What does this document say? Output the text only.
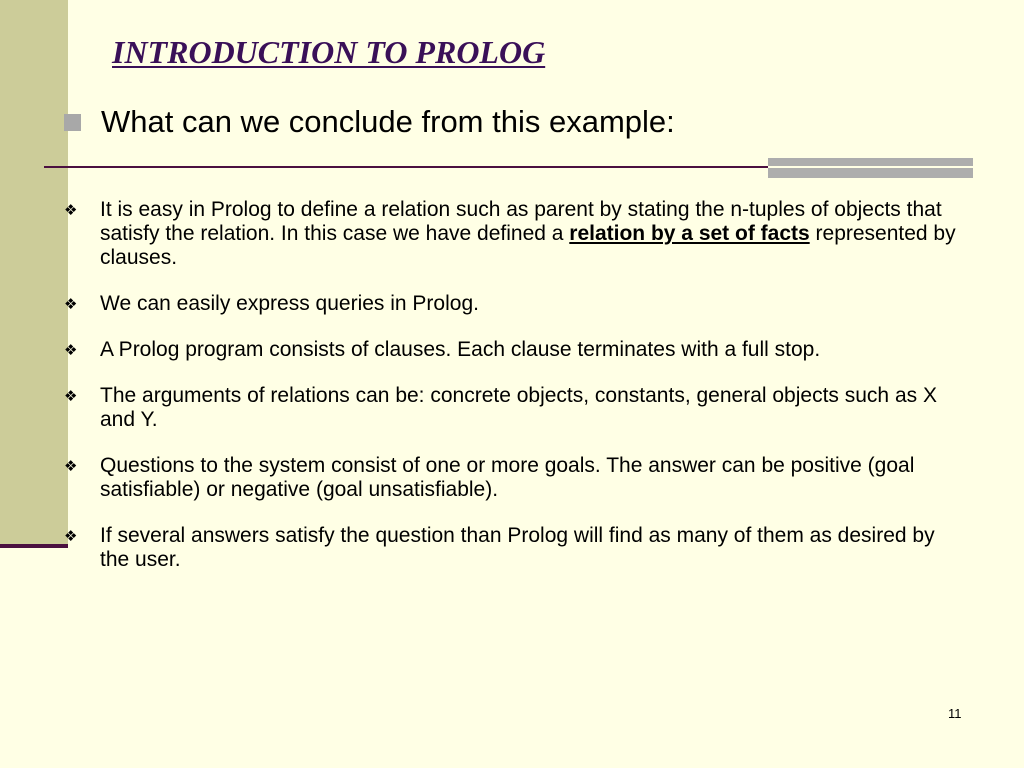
INTRODUCTION TO PROLOG
What can we conclude from this example:
❖	It is easy in Prolog to define a relation such as parent by stating the n-tuples of objects that satisfy the relation. In this case we have defined a relation by a set of facts represented by clauses.
❖	We can easily express queries in Prolog.
❖	A Prolog program consists of clauses. Each clause terminates with a full stop.
❖	The arguments of relations can be: concrete objects, constants, general objects such as X and Y.
❖	Questions to the system consist of one or more goals. The answer can be positive (goal satisfiable) or negative (goal unsatisfiable).
❖	If several answers satisfy the question than Prolog will find as many of them as desired by the user.
11
